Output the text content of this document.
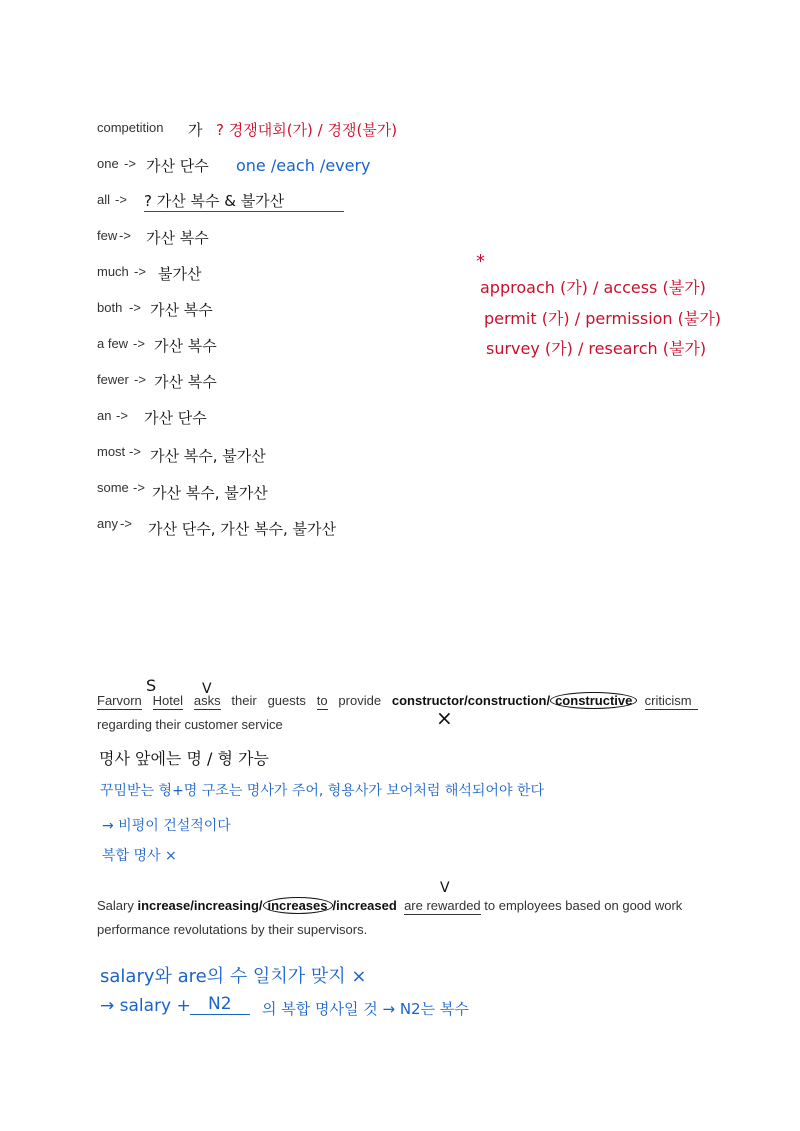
competition 가 ? 경쟁대회(가) / 경쟁(불가)
one -> 가산 단수 one /each /every
all -> ? 가산 복수 & 불가산
few -> 가산 복수
much -> 불가산
both -> 가산 복수
a few -> 가산 복수
fewer -> 가산 복수
an -> 가산 단수
most -> 가산 복수, 불가산
some -> 가산 복수, 불가산
any -> 가산 단수, 가산 복수, 불가산
*
approach (가) / access (불가)
permit (가) / permission (불가)
survey (가) / research (불가)
S	V
Farvorn Hotel asks their guests to provide constructor/construction/ constructive criticism
regarding their customer service	×
명사 앞에는 명 / 형 가능
꾸밈받는 형+명 구조는 명사가 주어, 형용사가 보어처럼 해석되어야 한다
→ 비평이 건설적이다
복합 명사 ×
V
Salary increase/increasing/ increases /increased are rewarded to employees based on good work
performance revolutations by their supervisors.
salary와 are의 수 일치가 맞지 ×
→ salary +	N2	의 복합 명사일 것 → N2는 복수
